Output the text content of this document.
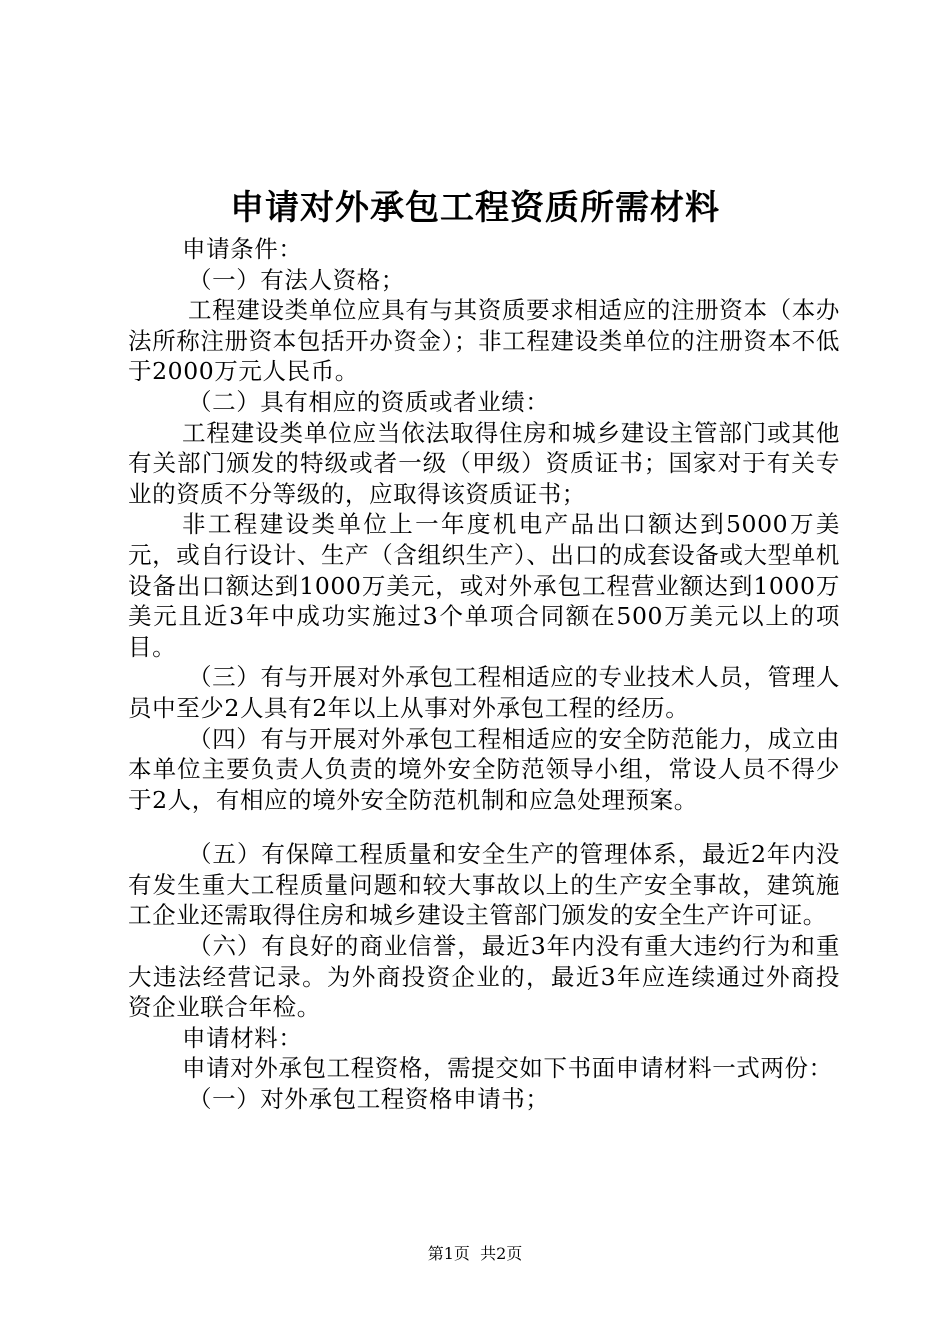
申请对外承包工程资质所需材料

申请条件：

（一）有法人资格；

工程建设类单位应具有与其资质要求相适应的注册资本（本办法所称注册资本包括开办资金）；非工程建设类单位的注册资本不低于2000万元人民币。

（二）具有相应的资质或者业绩：

工程建设类单位应当依法取得住房和城乡建设主管部门或其他有关部门颁发的特级或者一级（甲级）资质证书；国家对于有关专业的资质不分等级的，应取得该资质证书；

非工程建设类单位上一年度机电产品出口额达到5000万美元，或自行设计、生产（含组织生产）、出口的成套设备或大型单机设备出口额达到1000万美元，或对外承包工程营业额达到1000万美元且近3年中成功实施过3个单项合同额在500万美元以上的项目。

（三）有与开展对外承包工程相适应的专业技术人员，管理人员中至少2人具有2年以上从事对外承包工程的经历。

（四）有与开展对外承包工程相适应的安全防范能力，成立由本单位主要负责人负责的境外安全防范领导小组，常设人员不得少于2人，有相应的境外安全防范机制和应急处理预案。

（五）有保障工程质量和安全生产的管理体系，最近2年内没有发生重大工程质量问题和较大事故以上的生产安全事故，建筑施工企业还需取得住房和城乡建设主管部门颁发的安全生产许可证。

（六）有良好的商业信誉，最近3年内没有重大违约行为和重大违法经营记录。为外商投资企业的，最近3年应连续通过外商投资企业联合年检。

申请材料：

申请对外承包工程资格，需提交如下书面申请材料一式两份：

（一）对外承包工程资格申请书；

第1页  共2页
